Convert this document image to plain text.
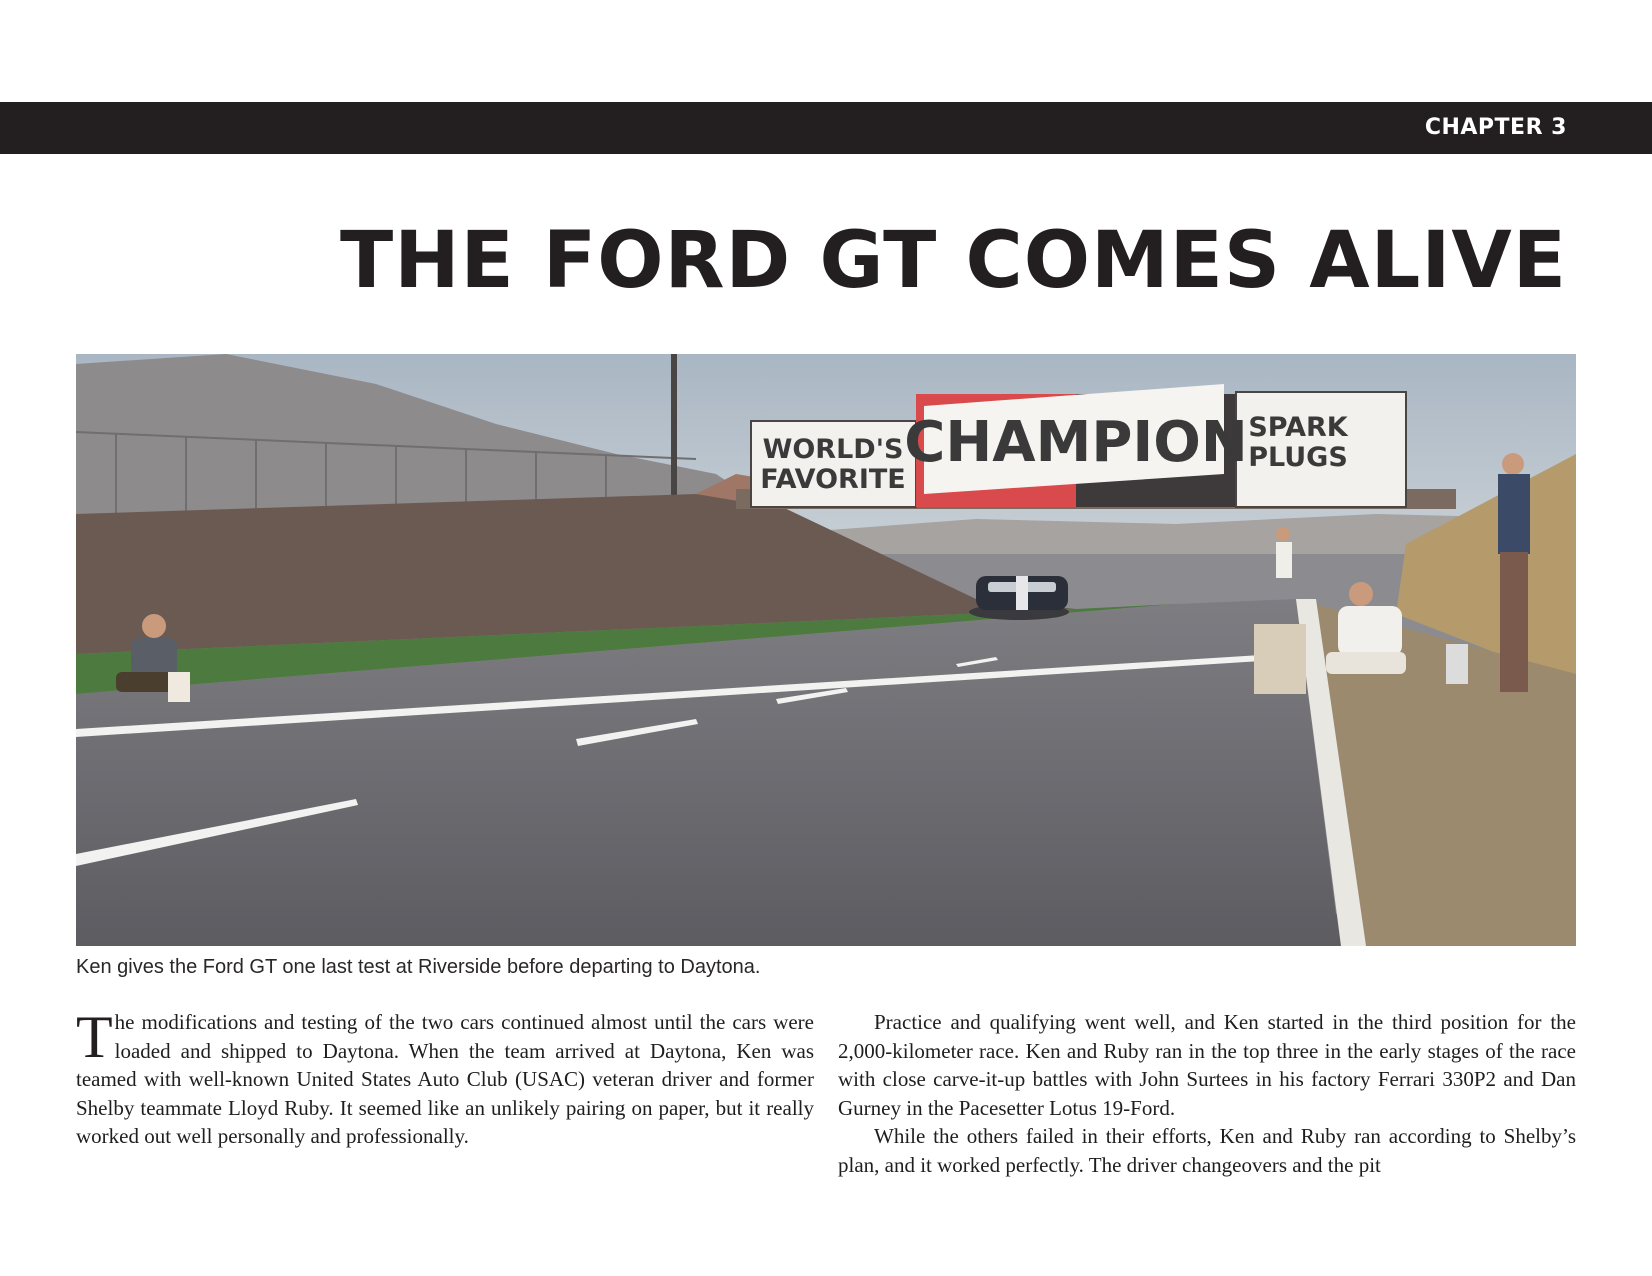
CHAPTER 3
THE FORD GT COMES ALIVE
WORLD'S
FAVORITE
CHAMPION SPARK
PLUGS
Ken gives the Ford GT one last test at Riverside before departing to Daytona.

The modifications and testing of the two cars continued almost until the cars were loaded and shipped to Daytona. When the team arrived at Daytona, Ken was teamed with well-known United States Auto Club (USAC) veteran driver and former Shelby teammate Lloyd Ruby. It seemed like an unlikely pairing on paper, but it really worked out well personally and professionally.

Practice and qualifying went well, and Ken started in the third position for the 2,000-kilometer race. Ken and Ruby ran in the top three in the early stages of the race with close carve-it-up battles with John Surtees in his factory Ferrari 330P2 and Dan Gurney in the Pacesetter Lotus 19-Ford.

While the others failed in their efforts, Ken and Ruby ran according to Shelby’s plan, and it worked perfectly. The driver changeovers and the pit
